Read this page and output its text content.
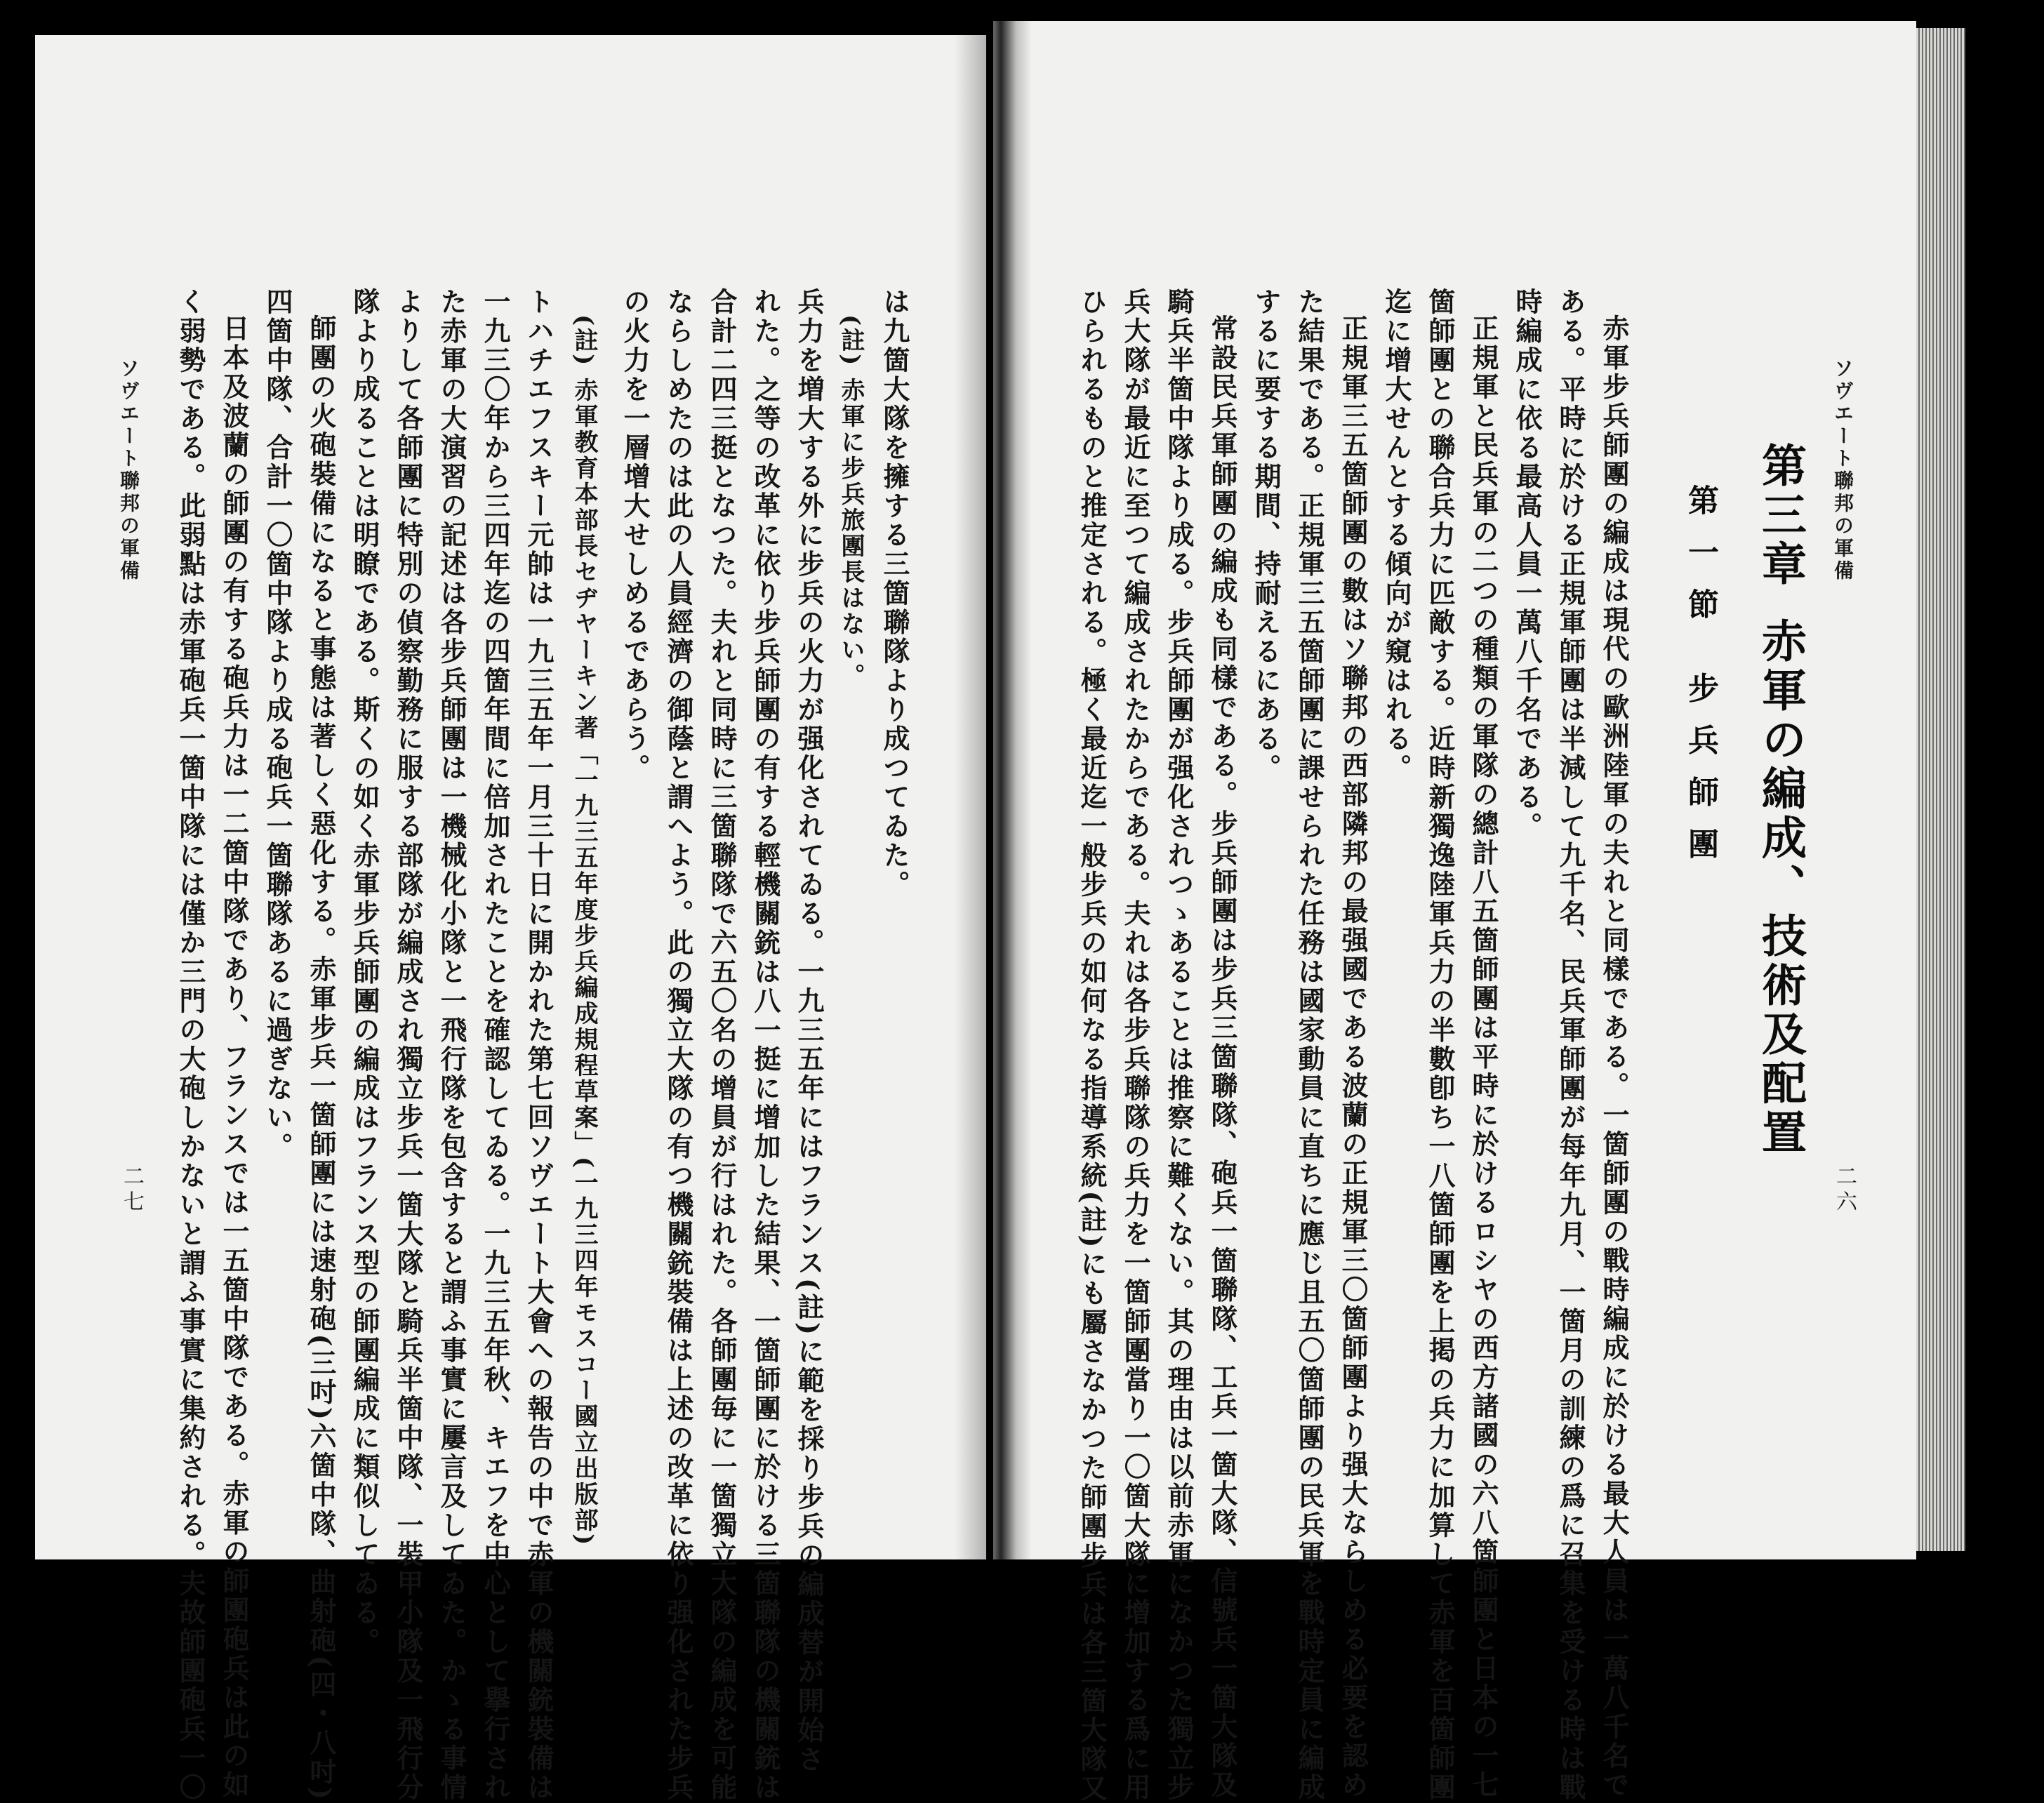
ソヴエート聯邦の軍備
二七
は九箇大隊を擁する三箇聯隊より成つてゐた。
(註) 赤軍に步兵旅團長はない。
兵力を増大する外に步兵の火力が强化されてゐる。一九三五年にはフランス(註)に範を採り步兵の編成替が開始さ
れた。之等の改革に依り步兵師團の有する輕機關銃は八一挺に增加した結果、一箇師團に於ける三箇聯隊の機關銃は
合計二四三挺となつた。夫れと同時に三箇聯隊で六五〇名の增員が行はれた。各師團毎に一箇獨立大隊の編成を可能
ならしめたのは此の人員經濟の御蔭と謂へよう。此の獨立大隊の有つ機關銃裝備は上述の改革に依り强化された步兵
の火力を一層增大せしめるであらう。
(註) 赤軍教育本部長セヂヤーキン著「一九三五年度步兵編成規程草案」(一九三四年モスコー國立出版部)
トハチエフスキー元帥は一九三五年一月三十日に開かれた第七回ソヴエート大會への報告の中で赤軍の機關銃裝備は
一九三〇年から三四年迄の四箇年間に倍加されたことを確認してゐる。一九三五年秋、キエフを中心として擧行され
た赤軍の大演習の記述は各步兵師團は一機械化小隊と一飛行隊を包含すると謂ふ事實に屢言及してゐた。かゝる事情
よりして各師團に特別の偵察勤務に服する部隊が編成され獨立步兵一箇大隊と騎兵半箇中隊、一裝甲小隊及一飛行分
隊より成ることは明瞭である。斯くの如く赤軍步兵師團の編成はフランス型の師團編成に類似してゐる。
師團の火砲裝備になると事態は著しく惡化する。赤軍步兵一箇師團には速射砲(三吋)六箇中隊、曲射砲(四・八吋)
四箇中隊、合計一〇箇中隊より成る砲兵一箇聯隊あるに過ぎない。
日本及波蘭の師團の有する砲兵力は一二箇中隊であり、フランスでは一五箇中隊である。赤軍の師團砲兵は此の如
く弱勢である。此弱點は赤軍砲兵一箇中隊には僅か三門の大砲しかないと謂ふ事實に集約される。夫故師團砲兵一〇	ソヴエート聯邦の軍備
二六
第三章赤軍の編成、技術及配置
第一節 步兵師團
赤軍步兵師團の編成は現代の歐洲陸軍の夫れと同樣である。一箇師團の戰時編成に於ける最大人員は一萬八千名で
ある。平時に於ける正規軍師團は半減して九千名、民兵軍師團が每年九月、一箇月の訓練の爲に召集を受ける時は戰
時編成に依る最高人員一萬八千名である。
正規軍と民兵軍の二つの種類の軍隊の總計八五箇師團は平時に於けるロシヤの西方諸國の六八箇師團と日本の一七
箇師團との聯合兵力に匹敵する。近時新獨逸陸軍兵力の半數卽ち一八箇師團を上掲の兵力に加算して赤軍を百箇師團
迄に增大せんとする傾向が窺はれる。
正規軍三五箇師團の數はソ聯邦の西部隣邦の最强國である波蘭の正規軍三〇箇師團より强大ならしめる必要を認め
た結果である。正規軍三五箇師團に課せられた任務は國家動員に直ちに應じ且五〇箇師團の民兵軍を戰時定員に編成
するに要する期間、持耐えるにある。
常設民兵軍師團の編成も同樣である。步兵師團は步兵三箇聯隊、砲兵一箇聯隊、工兵一箇大隊、信號兵一箇大隊及
騎兵半箇中隊より成る。步兵師團が强化されつゝあることは推察に難くない。其の理由は以前赤軍になかつた獨立步
兵大隊が最近に至つて編成されたからである。夫れは各步兵聯隊の兵力を一箇師團當り一〇箇大隊に增加する爲に用
ひられるものと推定される。極く最近迄一般步兵の如何なる指導系統(註)にも屬さなかつた師團步兵は各三箇大隊又
